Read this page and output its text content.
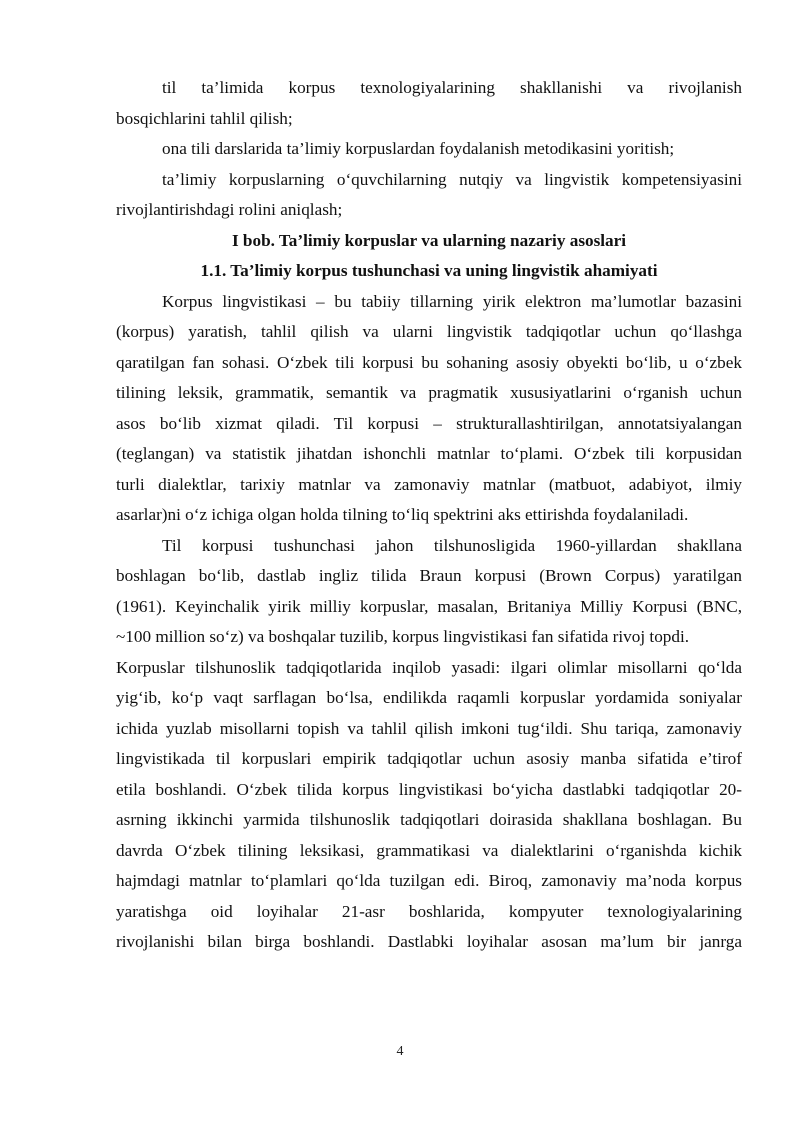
til ta’limida korpus texnologiyalarining shakllanishi va rivojlanish
bosqichlarini tahlil qilish;
ona tili darslarida ta’limiy korpuslardan foydalanish metodikasini yoritish;
ta’limiy korpuslarning o‘quvchilarning nutqiy va lingvistik kompetensiyasini
rivojlantirishdagi rolini aniqlash;
I bob. Ta’limiy korpuslar va ularning nazariy asoslari
1.1. Ta’limiy korpus tushunchasi va uning lingvistik ahamiyati
Korpus lingvistikasi – bu tabiiy tillarning yirik elektron ma’lumotlar bazasini
(korpus) yaratish, tahlil qilish va ularni lingvistik tadqiqotlar uchun qo‘llashga
qaratilgan fan sohasi. O‘zbek tili korpusi bu sohaning asosiy obyekti bo‘lib, u o‘zbek
tilining leksik, grammatik, semantik va pragmatik xususiyatlarini o‘rganish uchun
asos bo‘lib xizmat qiladi. Til korpusi – strukturallashtirilgan, annotatsiyalangan
(teglangan) va statistik jihatdan ishonchli matnlar to‘plami. O‘zbek tili korpusidan
turli dialektlar, tarixiy matnlar va zamonaviy matnlar (matbuot, adabiyot, ilmiy
asarlar)ni o‘z ichiga olgan holda tilning to‘liq spektrini aks ettirishda foydalaniladi.
Til korpusi tushunchasi jahon tilshunosligida 1960-yillardan shakllana
boshlagan bo‘lib, dastlab ingliz tilida Braun korpusi (Brown Corpus) yaratilgan
(1961). Keyinchalik yirik milliy korpuslar, masalan, Britaniya Milliy Korpusi (BNC,
~100 million so‘z) va boshqalar tuzilib, korpus lingvistikasi fan sifatida rivoj topdi.
Korpuslar tilshunoslik tadqiqotlarida inqilob yasadi: ilgari olimlar misollarni qo‘lda
yig‘ib, ko‘p vaqt sarflagan bo‘lsa, endilikda raqamli korpuslar yordamida soniyalar
ichida yuzlab misollarni topish va tahlil qilish imkoni tug‘ildi. Shu tariqa, zamonaviy
lingvistikada til korpuslari empirik tadqiqotlar uchun asosiy manba sifatida e’tirof
etila boshlandi. O‘zbek tilida korpus lingvistikasi bo‘yicha dastlabki tadqiqotlar 20-
asrning ikkinchi yarmida tilshunoslik tadqiqotlari doirasida shakllana boshlagan. Bu
davrda O‘zbek tilining leksikasi, grammatikasi va dialektlarini o‘rganishda kichik
hajmdagi matnlar to‘plamlari qo‘lda tuzilgan edi. Biroq, zamonaviy ma’noda korpus
yaratishga oid loyihalar 21-asr boshlarida, kompyuter texnologiyalarining
rivojlanishi bilan birga boshlandi. Dastlabki loyihalar asosan ma’lum bir janrga
4
